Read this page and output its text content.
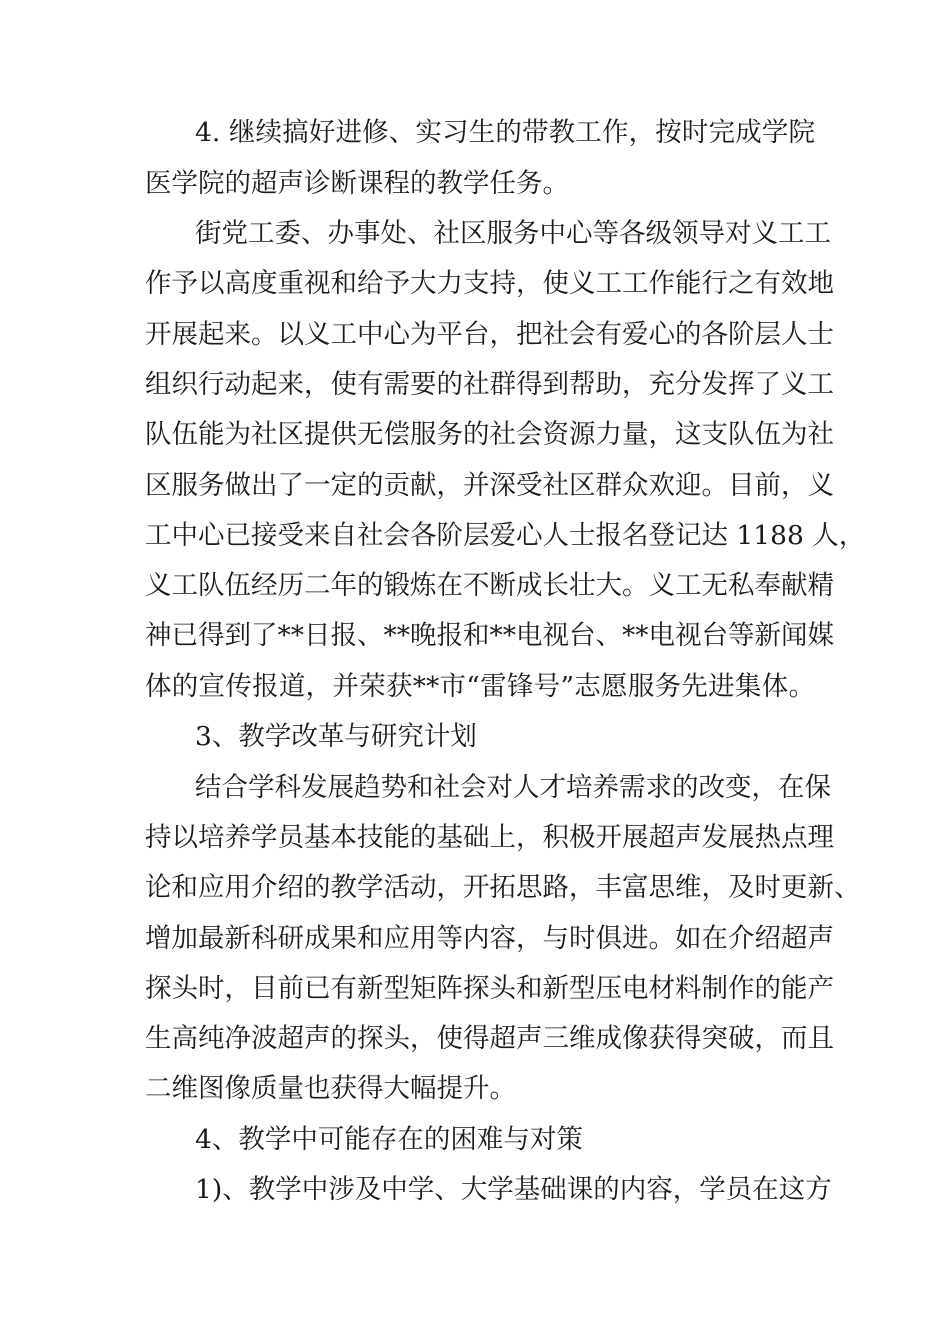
4. 继续搞好进修、实习生的带教工作，按时完成学院
医学院的超声诊断课程的教学任务。
街党工委、办事处、社区服务中心等各级领导对义工工
作予以高度重视和给予大力支持，使义工工作能行之有效地
开展起来。以义工中心为平台，把社会有爱心的各阶层人士
组织行动起来，使有需要的社群得到帮助，充分发挥了义工
队伍能为社区提供无偿服务的社会资源力量，这支队伍为社
区服务做出了一定的贡献，并深受社区群众欢迎。目前，义
工中心已接受来自社会各阶层爱心人士报名登记达 1188 人，
义工队伍经历二年的锻炼在不断成长壮大。义工无私奉献精
神已得到了**日报、**晚报和**电视台、**电视台等新闻媒
体的宣传报道，并荣获**市“雷锋号”志愿服务先进集体。
3、教学改革与研究计划
结合学科发展趋势和社会对人才培养需求的改变，在保
持以培养学员基本技能的基础上，积极开展超声发展热点理
论和应用介绍的教学活动，开拓思路，丰富思维，及时更新、
增加最新科研成果和应用等内容，与时俱进。如在介绍超声
探头时，目前已有新型矩阵探头和新型压电材料制作的能产
生高纯净波超声的探头，使得超声三维成像获得突破，而且
二维图像质量也获得大幅提升。
4、教学中可能存在的困难与对策
1)、教学中涉及中学、大学基础课的内容，学员在这方
